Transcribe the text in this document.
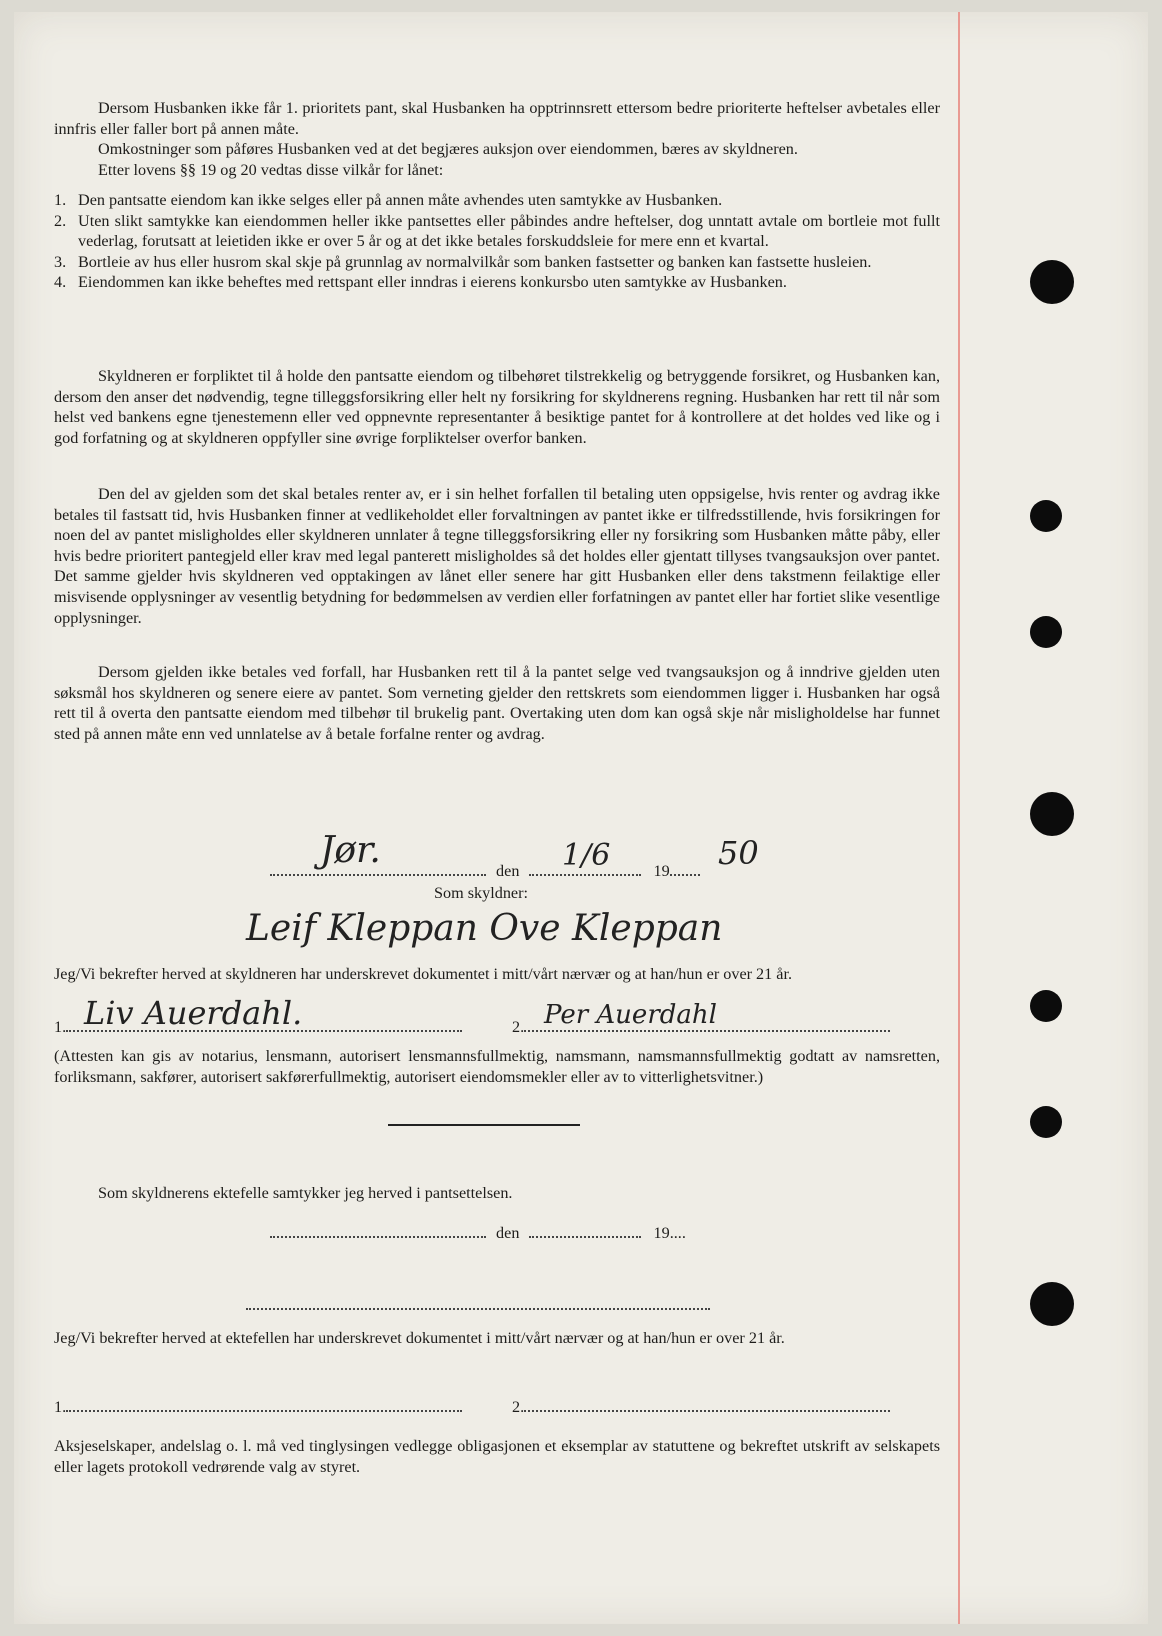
Dersom Husbanken ikke får 1. prioritets pant, skal Husbanken ha opptrinnsrett ettersom bedre prioriterte heftelser avbetales eller innfris eller faller bort på annen måte.
Omkostninger som påføres Husbanken ved at det begjæres auksjon over eiendommen, bæres av skyldneren.
Etter lovens §§ 19 og 20 vedtas disse vilkår for lånet:
1. Den pantsatte eiendom kan ikke selges eller på annen måte avhendes uten samtykke av Husbanken.
2. Uten slikt samtykke kan eiendommen heller ikke pantsettes eller påbindes andre heftelser, dog unntatt avtale om bortleie mot fullt vederlag, forutsatt at leietiden ikke er over 5 år og at det ikke betales forskuddsleie for mere enn et kvartal.
3. Bortleie av hus eller husrom skal skje på grunnlag av normalvilkår som banken fastsetter og banken kan fastsette husleien.
4. Eiendommen kan ikke beheftes med rettspant eller inndras i eierens konkursbo uten samtykke av Husbanken.
Skyldneren er forpliktet til å holde den pantsatte eiendom og tilbehøret tilstrekkelig og betryggende forsikret, og Husbanken kan, dersom den anser det nødvendig, tegne tilleggsforsikring eller helt ny forsikring for skyldnerens regning. Husbanken har rett til når som helst ved bankens egne tjenestemenn eller ved oppnevnte representanter å besiktige pantet for å kontrollere at det holdes ved like og i god forfatning og at skyldneren oppfyller sine øvrige forpliktelser overfor banken.
Den del av gjelden som det skal betales renter av, er i sin helhet forfallen til betaling uten oppsigelse, hvis renter og avdrag ikke betales til fastsatt tid, hvis Husbanken finner at vedlikeholdet eller forvaltningen av pantet ikke er tilfredsstillende, hvis forsikringen for noen del av pantet misligholdes eller skyldneren unnlater å tegne tilleggsforsikring eller ny forsikring som Husbanken måtte påby, eller hvis bedre prioritert pantegjeld eller krav med legal panterett misligholdes så det holdes eller gjentatt tillyses tvangsauksjon over pantet. Det samme gjelder hvis skyldneren ved opptakingen av lånet eller senere har gitt Husbanken eller dens takstmenn feilaktige eller misvisende opplysninger av vesentlig betydning for bedømmelsen av verdien eller forfatningen av pantet eller har fortiet slike vesentlige opplysninger.
Dersom gjelden ikke betales ved forfall, har Husbanken rett til å la pantet selge ved tvangsauksjon og å inndrive gjelden uten søksmål hos skyldneren og senere eiere av pantet. Som verneting gjelder den rettskrets som eiendommen ligger i. Husbanken har også rett til å overta den pantsatte eiendom med tilbehør til brukelig pant. Overtaking uten dom kan også skje når misligholdelse har funnet sted på annen måte enn ved unnlatelse av å betale forfalne renter og avdrag.
den	19
Jør.	1/6	50
Som skyldner:
Leif Kleppan Ove Kleppan
Jeg/Vi bekrefter herved at skyldneren har underskrevet dokumentet i mitt/vårt nærvær og at han/hun er over 21 år.
1. Liv Auerdahl.	2. Per Auerdahl
(Attesten kan gis av notarius, lensmann, autorisert lensmannsfullmektig, namsmann, namsmannsfullmektig godtatt av namsretten, forliksmann, sakfører, autorisert sakførerfullmektig, autorisert eiendomsmekler eller av to vitterlighetsvitner.)
Som skyldnerens ektefelle samtykker jeg herved i pantsettelsen.
den	19....
Jeg/Vi bekrefter herved at ektefellen har underskrevet dokumentet i mitt/vårt nærvær og at han/hun er over 21 år.
1.	2.
Aksjeselskaper, andelslag o. l. må ved tinglysingen vedlegge obligasjonen et eksemplar av statuttene og bekreftet utskrift av selskapets eller lagets protokoll vedrørende valg av styret.
